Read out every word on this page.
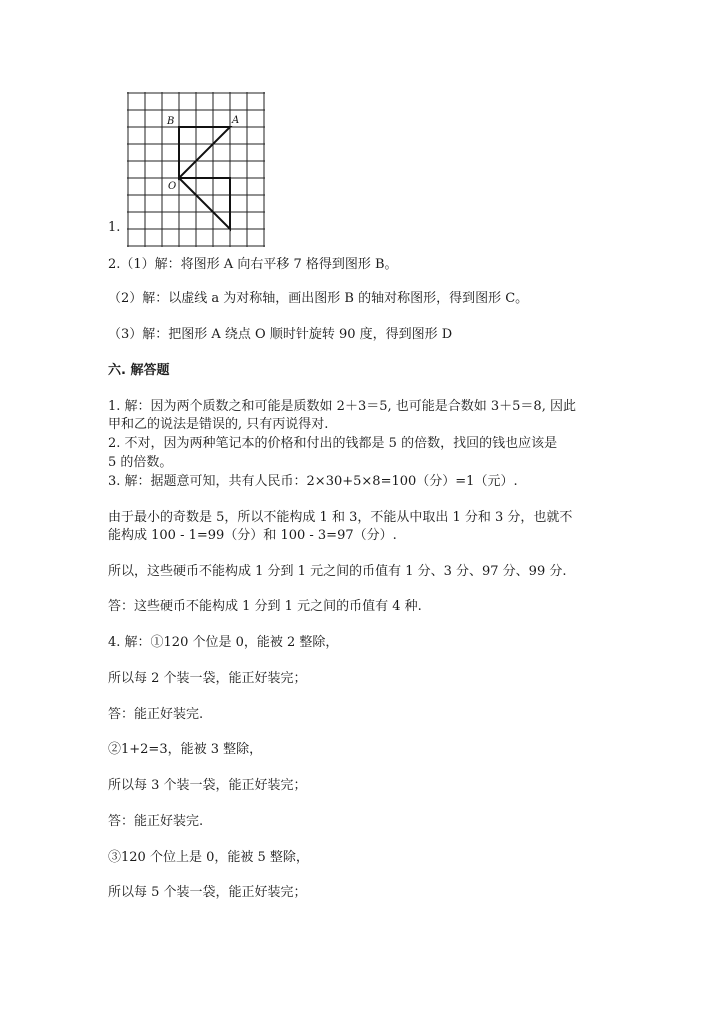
B	A
O
1.
2.（1）解：将图形 A 向右平移 7 格得到图形 B。
（2）解：以虚线 a 为对称轴，画出图形 B 的轴对称图形，得到图形 C。
（3）解：把图形 A 绕点 O 顺时针旋转 90 度，得到图形 D
六. 解答题
1. 解：因为两个质数之和可能是质数如 2＋3＝5, 也可能是合数如 3＋5＝8, 因此
甲和乙的说法是错误的, 只有丙说得对.
2. 不对，因为两种笔记本的价格和付出的钱都是 5 的倍数，找回的钱也应该是
5 的倍数。
3. 解：据题意可知，共有人民币：2×30+5×8=100（分）=1（元）.
由于最小的奇数是 5，所以不能构成 1 和 3，不能从中取出 1 分和 3 分，也就不
能构成 100 - 1=99（分）和 100 - 3=97（分）.
所以，这些硬币不能构成 1 分到 1 元之间的币值有 1 分、3 分、97 分、99 分.
答：这些硬币不能构成 1 分到 1 元之间的币值有 4 种.
4. 解：①120 个位是 0，能被 2 整除，
所以每 2 个装一袋，能正好装完；
答：能正好装完.
②1+2=3，能被 3 整除，
所以每 3 个装一袋，能正好装完；
答：能正好装完.
③120 个位上是 0，能被 5 整除，
所以每 5 个装一袋，能正好装完；
